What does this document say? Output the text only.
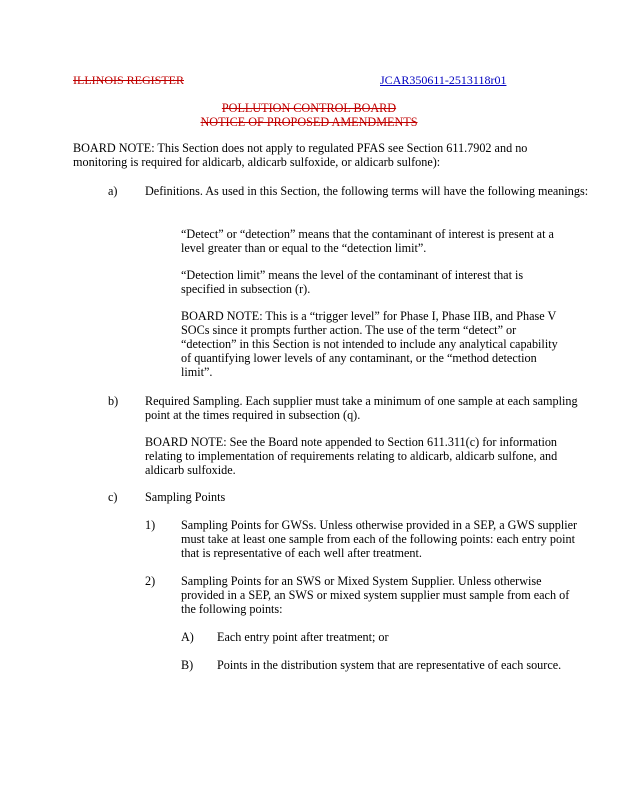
ILLINOIS REGISTER	JCAR350611-2513118r01
POLLUTION CONTROL BOARD
NOTICE OF PROPOSED AMENDMENTS

BOARD NOTE: This Section does not apply to regulated PFAS see Section 611.7902 and no monitoring is required for aldicarb, aldicarb sulfoxide, or aldicarb sulfone):

a) Definitions. As used in this Section, the following terms will have the following meanings:

“Detect” or “detection” means that the contaminant of interest is present at a level greater than or equal to the “detection limit”.

“Detection limit” means the level of the contaminant of interest that is specified in subsection (r).

BOARD NOTE: This is a “trigger level” for Phase I, Phase IIB, and Phase V SOCs since it prompts further action. The use of the term “detect” or “detection” in this Section is not intended to include any analytical capability of quantifying lower levels of any contaminant, or the “method detection limit”.

b) Required Sampling. Each supplier must take a minimum of one sample at each sampling point at the times required in subsection (q).

BOARD NOTE: See the Board note appended to Section 611.311(c) for information relating to implementation of requirements relating to aldicarb, aldicarb sulfone, and aldicarb sulfoxide.

c) Sampling Points

1) Sampling Points for GWSs. Unless otherwise provided in a SEP, a GWS supplier must take at least one sample from each of the following points: each entry point that is representative of each well after treatment.

2) Sampling Points for an SWS or Mixed System Supplier. Unless otherwise provided in a SEP, an SWS or mixed system supplier must sample from each of the following points:

A) Each entry point after treatment; or

B) Points in the distribution system that are representative of each source.
